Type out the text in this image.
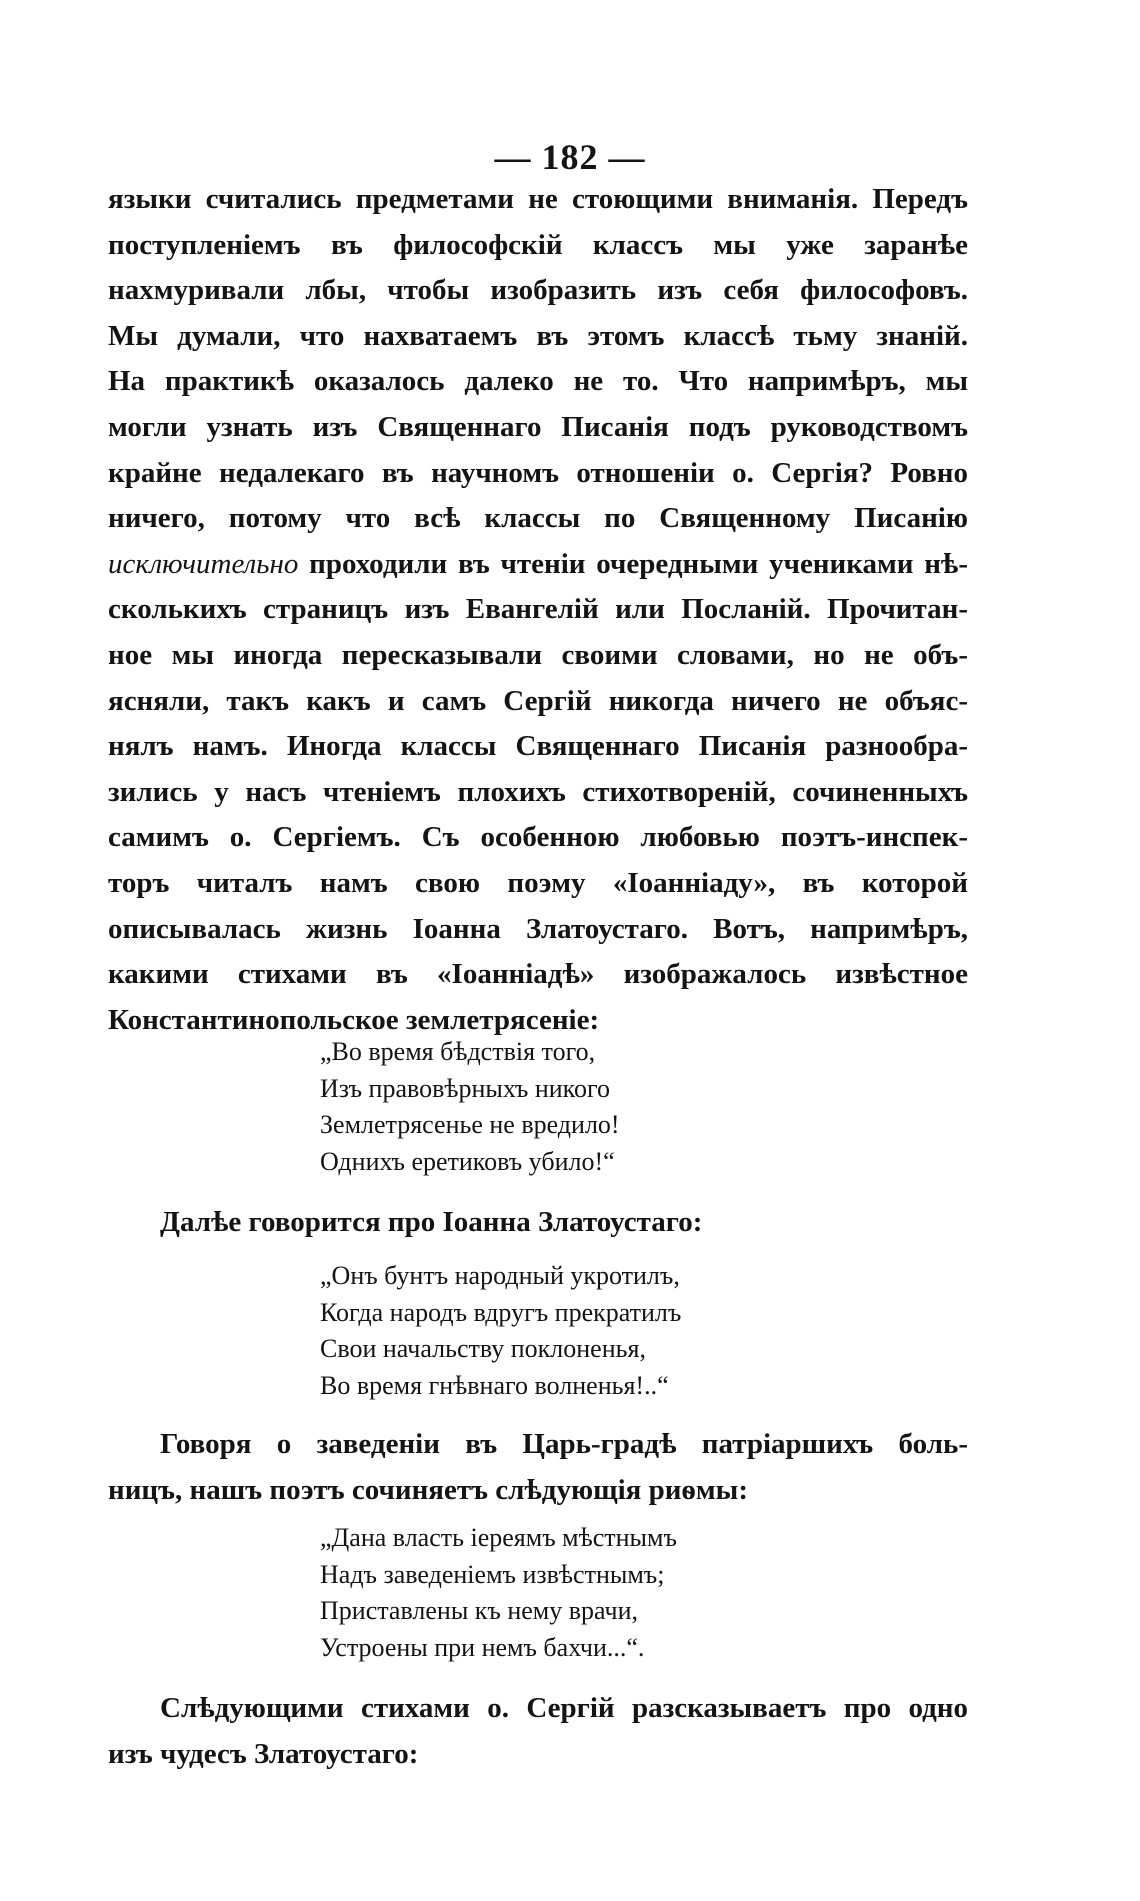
— 182 —
языки считались предметами не стоющими вниманія. Передъ
поступленіемъ въ философскій классъ мы уже заранѣе
нахмуривали лбы, чтобы изобразить изъ себя философовъ.
Мы думали, что нахватаемъ въ этомъ классѣ тьму знаній.
На практикѣ оказалось далеко не то. Что напримѣръ, мы
могли узнать изъ Священнаго Писанія подъ руководствомъ
крайне недалекаго въ научномъ отношеніи о. Сергія? Ровно
ничего, потому что всѣ классы по Священному Писанію
исключительно проходили въ чтеніи очередными учениками нѣ-
сколькихъ страницъ изъ Евангелій или Посланій. Прочитан-
ное мы иногда пересказывали своими словами, но не объ-
ясняли, такъ какъ и самъ Сергій никогда ничего не объяс-
нялъ намъ. Иногда классы Священнаго Писанія разнообра-
зились у насъ чтеніемъ плохихъ стихотвореній, сочиненныхъ
самимъ о. Сергіемъ. Съ особенною любовью поэтъ-инспек-
торъ читалъ намъ свою поэму «Іоанніаду», въ которой
описывалась жизнь Іоанна Златоустаго. Вотъ, напримѣръ,
какими стихами въ «Іоанніадѣ» изображалось извѣстное
Константинопольское землетрясеніе:
„Во время бѣдствія того,
Изъ правовѣрныхъ никого
Землетрясенье не вредило!
Однихъ еретиковъ убило!“
Далѣе говорится про Іоанна Златоустаго:
„Онъ бунтъ народный укротилъ,
Когда народъ вдругъ прекратилъ
Свои начальству поклоненья,
Во время гнѣвнаго волненья!..“
Говоря о заведеніи въ Царь-градѣ патріаршихъ боль-
ницъ, нашъ поэтъ сочиняетъ слѣдующія риѳмы:
„Дана власть іереямъ мѣстнымъ
Надъ заведеніемъ извѣстнымъ;
Приставлены къ нему врачи,
Устроены при немъ бахчи...“.
Слѣдующими стихами о. Сергій разсказываетъ про одно
изъ чудесъ Златоустаго:
